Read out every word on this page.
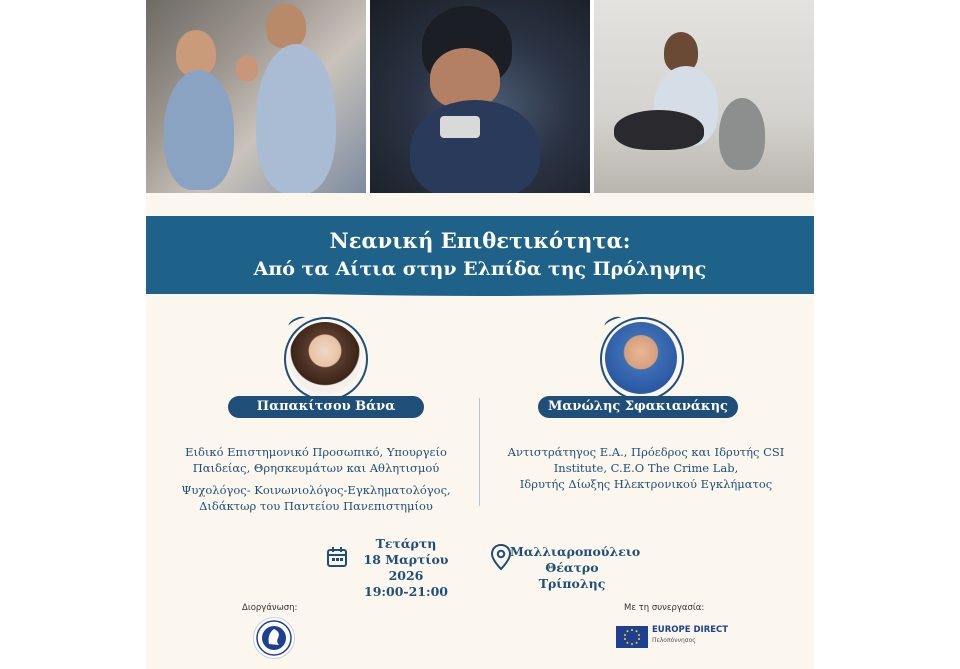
Νεανική Επιθετικότητα:
Από τα Αίτια στην Ελπίδα της Πρόληψης
Παπακίτσου Βάνα	Μανώλης Σφακιανάκης
Ειδικό Επιστημονικό Προσωπικό, Υπουργείο
Παιδείας, Θρησκευμάτων και Αθλητισμού
Ψυχολόγος- Κοινωνιολόγος-Εγκληματολόγος,
Διδάκτωρ του Παντείου Πανεπιστημίου
Αντιστράτηγος Ε.Α., Πρόεδρος και Ιδρυτής CSI
Institute, C.E.O The Crime Lab,
Ιδρυτής Δίωξης Ηλεκτρονικού Εγκλήματος
Τετάρτη
18 Μαρτίου 2026
19:00-21:00
Μαλλιαροπούλειο
Θέατρο Τρίπολης
Διοργάνωση:	Με τη συνεργασία:
EUROPE DIRECT
Πελοπόννησος
